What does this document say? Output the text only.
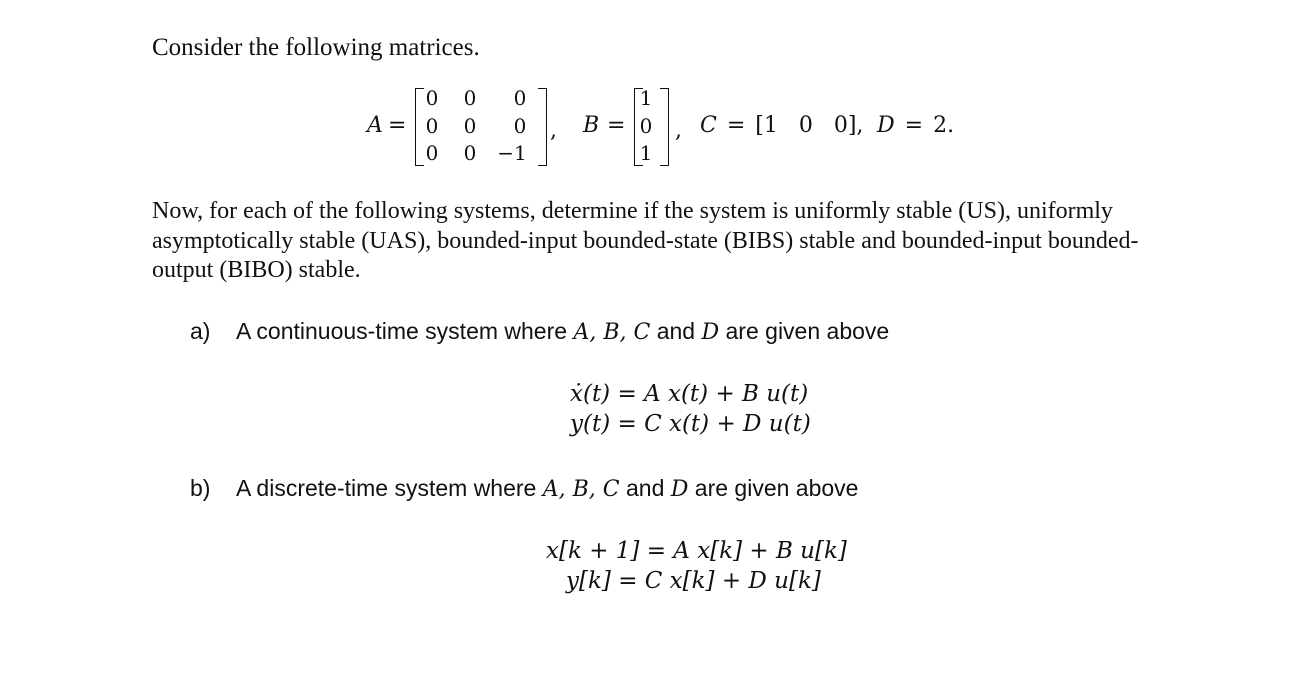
Consider the following matrices.
A =
0	0	0
0	0	0
0	0	−1
, B =
1
0
1
, C = [1   0   0], D = 2.
Now, for each of the following systems, determine if the system is uniformly stable (US), uniformly asymptotically stable (UAS), bounded-input bounded-state (BIBS) stable and bounded-input bounded-output (BIBO) stable.
a) A continuous-time system where A, B, C and D are given above
ẋ(t) = A x(t) + B u(t)
y(t) = C x(t) + D u(t)
b) A discrete-time system where A, B, C and D are given above
x[k + 1] = A x[k] + B u[k]
y[k] = C x[k] + D u[k]
